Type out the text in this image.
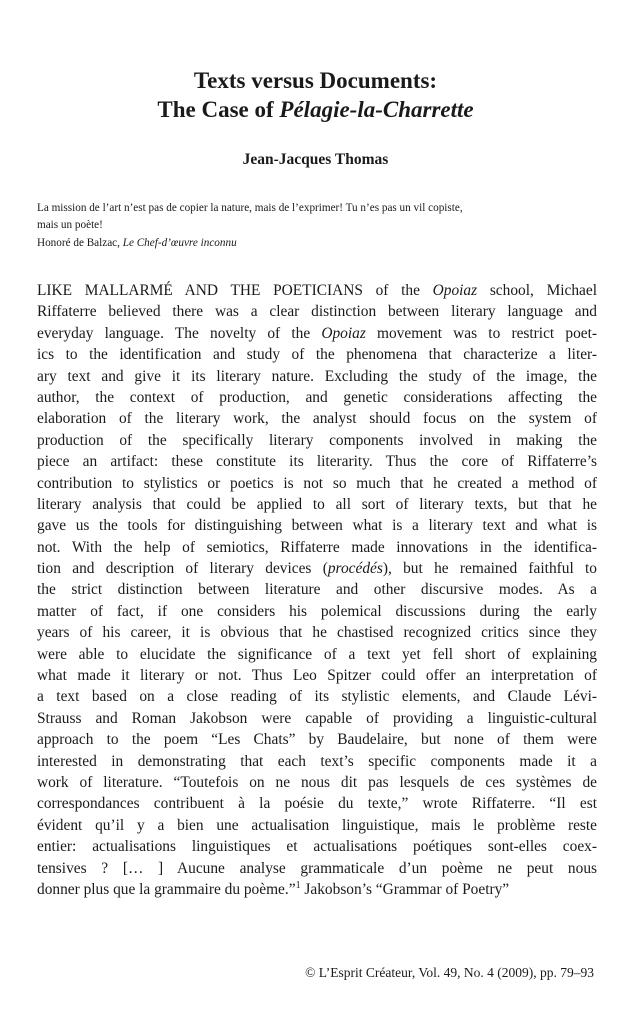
Texts versus Documents:
The Case of Pélagie-la-Charrette

Jean-Jacques Thomas

La mission de l’art n’est pas de copier la nature, mais de l’exprimer! Tu n’es pas un vil copiste,

mais un poète!

Honoré de Balzac, Le Chef-d’œuvre inconnu

LIKE MALLARMÉ AND THE POETICIANS of the Opoiaz school, Michael
Riffaterre believed there was a clear distinction between literary language and
everyday language. The novelty of the Opoiaz movement was to restrict poet-
ics to the identification and study of the phenomena that characterize a liter-
ary text and give it its literary nature. Excluding the study of the image, the
author, the context of production, and genetic considerations affecting the
elaboration of the literary work, the analyst should focus on the system of
production of the specifically literary components involved in making the
piece an artifact: these constitute its literarity. Thus the core of Riffaterre’s
contribution to stylistics or poetics is not so much that he created a method of
literary analysis that could be applied to all sort of literary texts, but that he
gave us the tools for distinguishing between what is a literary text and what is
not. With the help of semiotics, Riffaterre made innovations in the identifica-
tion and description of literary devices (procédés), but he remained faithful to
the strict distinction between literature and other discursive modes. As a
matter of fact, if one considers his polemical discussions during the early
years of his career, it is obvious that he chastised recognized critics since they
were able to elucidate the significance of a text yet fell short of explaining
what made it literary or not. Thus Leo Spitzer could offer an interpretation of
a text based on a close reading of its stylistic elements, and Claude Lévi-
Strauss and Roman Jakobson were capable of providing a linguistic-cultural
approach to the poem “Les Chats” by Baudelaire, but none of them were
interested in demonstrating that each text’s specific components made it a
work of literature. “Toutefois on ne nous dit pas lesquels de ces systèmes de
correspondances contribuent à la poésie du texte,” wrote Riffaterre. “Il est
évident qu’il y a bien une actualisation linguistique, mais le problème reste
entier: actualisations linguistiques et actualisations poétiques sont-elles coex-
tensives ? [… ] Aucune analyse grammaticale d’un poème ne peut nous
donner plus que la grammaire du poème.”$^1$ Jakobson’s “Grammar of Poetry”

© L’Esprit Créateur, Vol. 49, No. 4 (2009), pp. 79–93
